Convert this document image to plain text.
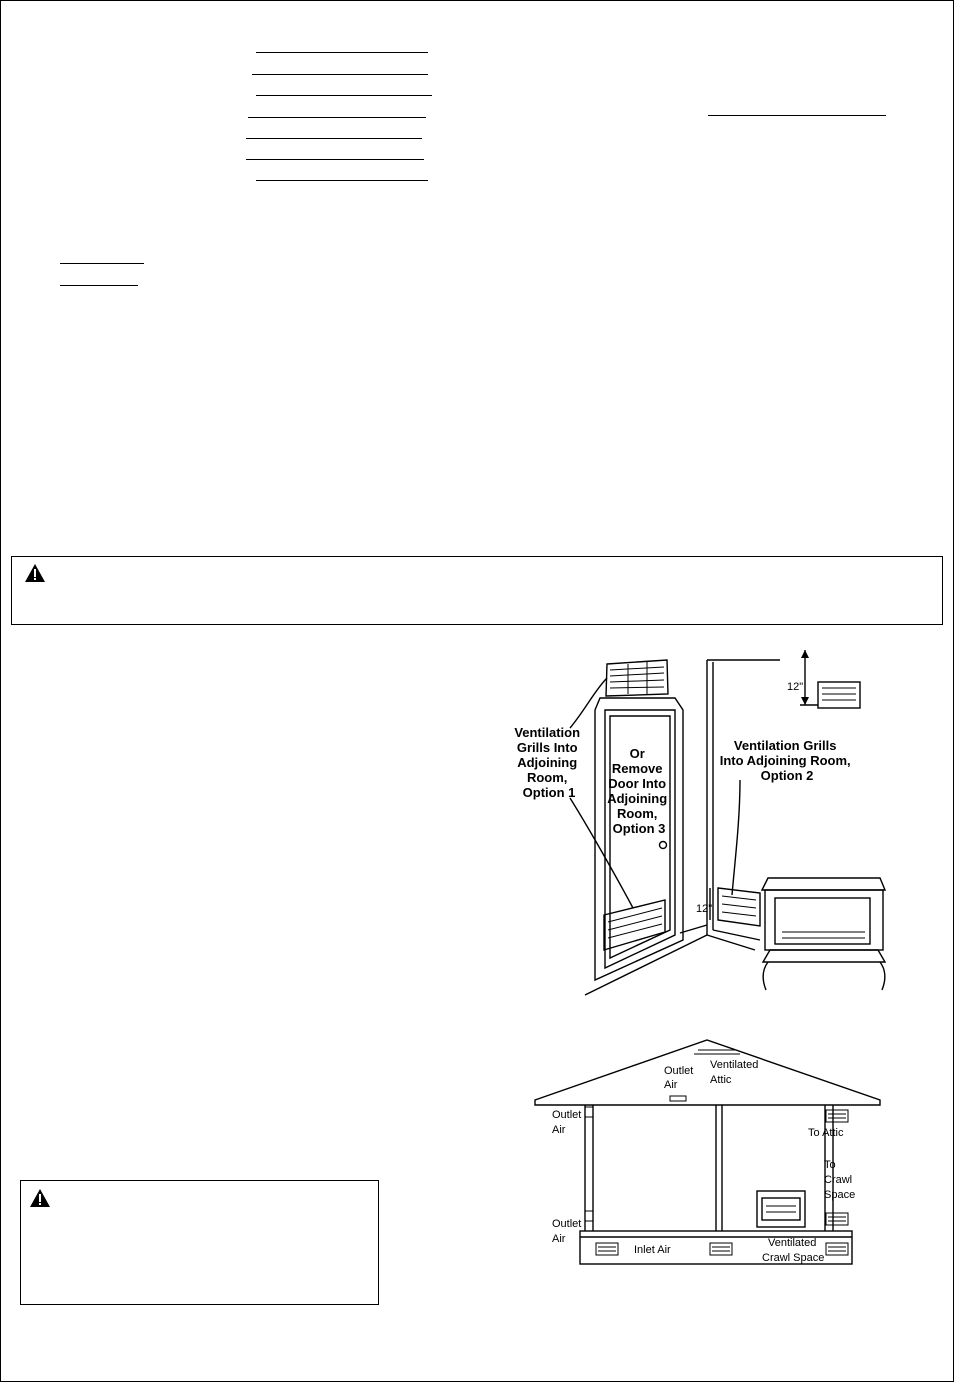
12"
12"
Ventilation Grills Into Adjoining Room, Option 1
Or Remove Door Into Adjoining Room, Option 3
Ventilation Grills Into Adjoining Room, Option 2
Ventilated Attic
Outlet Air
Outlet Air
Outlet Air
To Attic
To Crawl Space
Inlet Air
Ventilated Crawl Space
